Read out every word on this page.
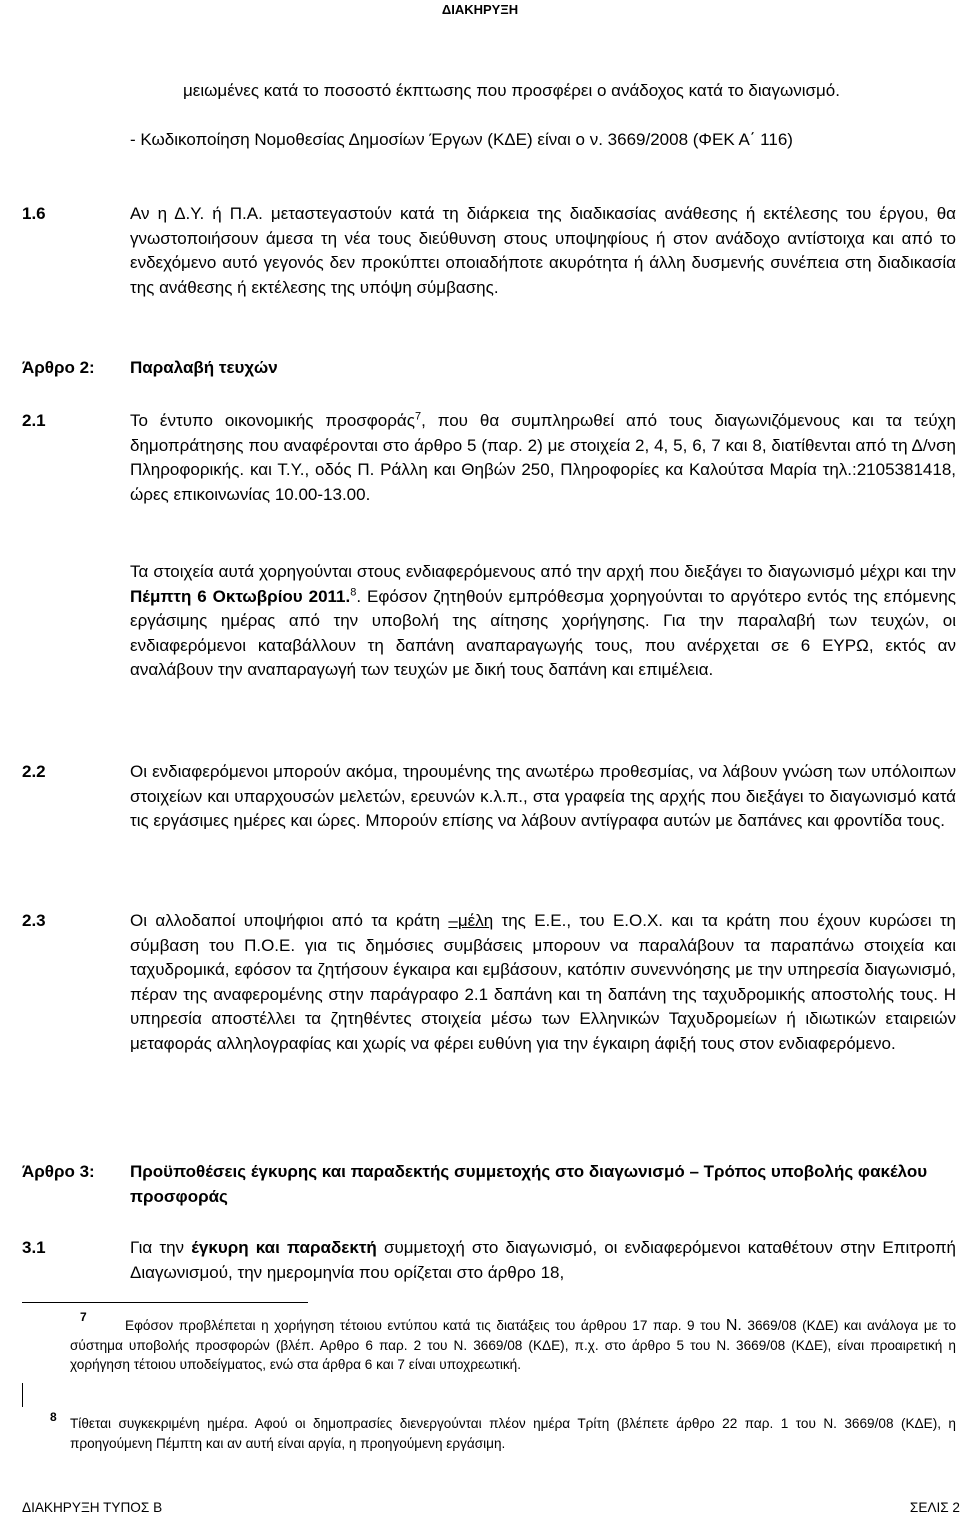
ΔΙΑΚΗΡΥΞΗ

μειωμένες κατά το ποσοστό έκπτωσης που προσφέρει ο ανάδοχος κατά το διαγωνισμό.

- Κωδικοποίηση Νομοθεσίας Δημοσίων Έργων (ΚΔΕ) είναι ο ν. 3669/2008 (ΦΕΚ Α΄ 116)

1.6	Αν η Δ.Υ. ή Π.Α. μεταστεγαστούν κατά τη διάρκεια της διαδικασίας ανάθεσης ή εκτέλεσης του έργου, θα γνωστοποιήσουν άμεσα τη νέα τους διεύθυνση στους υποψηφίους ή στον ανάδοχο αντίστοιχα και από το ενδεχόμενο αυτό γεγονός δεν προκύπτει οποιαδήποτε ακυρότητα ή άλλη δυσμενής συνέπεια στη διαδικασία της ανάθεσης ή εκτέλεσης της υπόψη σύμβασης.

Άρθρο 2: Παραλαβή τευχών
2.1	Το έντυπο οικονομικής προσφοράς$^7$, που θα συμπληρωθεί από τους διαγωνιζόμενους και τα τεύχη δημοπράτησης που αναφέρονται στο άρθρο 5 (παρ. 2) με στοιχεία 2, 4, 5, 6, 7 και 8, διατίθενται από τη Δ/νση Πληροφορικής. και Τ.Υ., οδός Π. Ράλλη και Θηβών 250, Πληροφορίες κα Καλούτσα Μαρία τηλ.:2105381418, ώρες επικοινωνίας 10.00-13.00.

Τα στοιχεία αυτά χορηγούνται στους ενδιαφερόμενους από την αρχή που διεξάγει το διαγωνισμό μέχρι και την Πέμπτη 6 Οκτωβρίου 2011.$^8$. Εφόσον ζητηθούν εμπρόθεσμα χορηγούνται το αργότερο εντός της επόμενης εργάσιμης ημέρας από την υποβολή της αίτησης χορήγησης. Για την παραλαβή των τευχών, οι ενδιαφερόμενοι καταβάλλουν τη δαπάνη αναπαραγωγής τους, που ανέρχεται σε 6 ΕΥΡΩ, εκτός αν αναλάβουν την αναπαραγωγή των τευχών με δική τους δαπάνη και επιμέλεια.

2.2	Οι ενδιαφερόμενοι μπορούν ακόμα, τηρουμένης της ανωτέρω προθεσμίας, να λάβουν γνώση των υπόλοιπων στοιχείων και υπαρχουσών μελετών, ερευνών κ.λ.π., στα γραφεία της αρχής που διεξάγει το διαγωνισμό κατά τις εργάσιμες ημέρες και ώρες. Μπορούν επίσης να λάβουν αντίγραφα αυτών με δαπάνες και φροντίδα τους.

2.3	Οι αλλοδαποί υποψήφιοι από τα κράτη –μέλη της Ε.Ε., του Ε.Ο.Χ. και τα κράτη που έχουν κυρώσει τη σύμβαση του Π.Ο.Ε. για τις δημόσιες συμβάσεις μπορουν να παραλάβουν τα παραπάνω στοιχεία και ταχυδρομικά, εφόσον τα ζητήσουν έγκαιρα και εμβάσουν, κατόπιν συνεννόησης με την υπηρεσία διαγωνισμό, πέραν της αναφερομένης στην παράγραφο 2.1 δαπάνη και τη δαπάνη της ταχυδρομικής αποστολής τους. Η υπηρεσία αποστέλλει τα ζητηθέντες στοιχεία μέσω των Ελληνικών Ταχυδρομείων ή ιδιωτικών εταιρειών μεταφοράς αλληλογραφίας και χωρίς να φέρει ευθύνη για την έγκαιρη άφιξή τους στον ενδιαφερόμενο.

Άρθρο 3: Προϋποθέσεις έγκυρης και παραδεκτής συμμετοχής στο διαγωνισμό – Τρόπος υποβολής φακέλου προσφοράς
3.1	Για την έγκυρη και παραδεκτή συμμετοχή στο διαγωνισμό, οι ενδιαφερόμενοι καταθέτουν στην Επιτροπή Διαγωνισμού, την ημερομηνία που ορίζεται στο άρθρο 18,

7

Εφόσον προβλέπεται η χορήγηση τέτοιου εντύπου κατά τις διατάξεις του άρθρου 17 παρ. 9 του Ν. 3669/08 (ΚΔΕ) και ανάλογα με το σύστημα υποβολής προσφορών (βλέπ. Αρθρο 6 παρ. 2 του Ν. 3669/08 (ΚΔΕ), π.χ. στο άρθρο 5 του Ν. 3669/08 (ΚΔΕ), είναι προαιρετική η χορήγηση τέτοιου υποδείγματος, ενώ στα άρθρα 6 και 7 είναι υποχρεωτική.

8 Τίθεται συγκεκριμένη ημέρα. Αφού οι δημοπρασίες διενεργούνται πλέον ημέρα Τρίτη (βλέπετε άρθρο 22 παρ. 1 του Ν. 3669/08 (ΚΔΕ), η προηγούμενη Πέμπτη και αν αυτή είναι αργία, η προηγούμενη εργάσιμη.

ΔΙΑΚΗΡΥΞΗ ΤΥΠΟΣ Β	ΣΕΛΙΣ 2
